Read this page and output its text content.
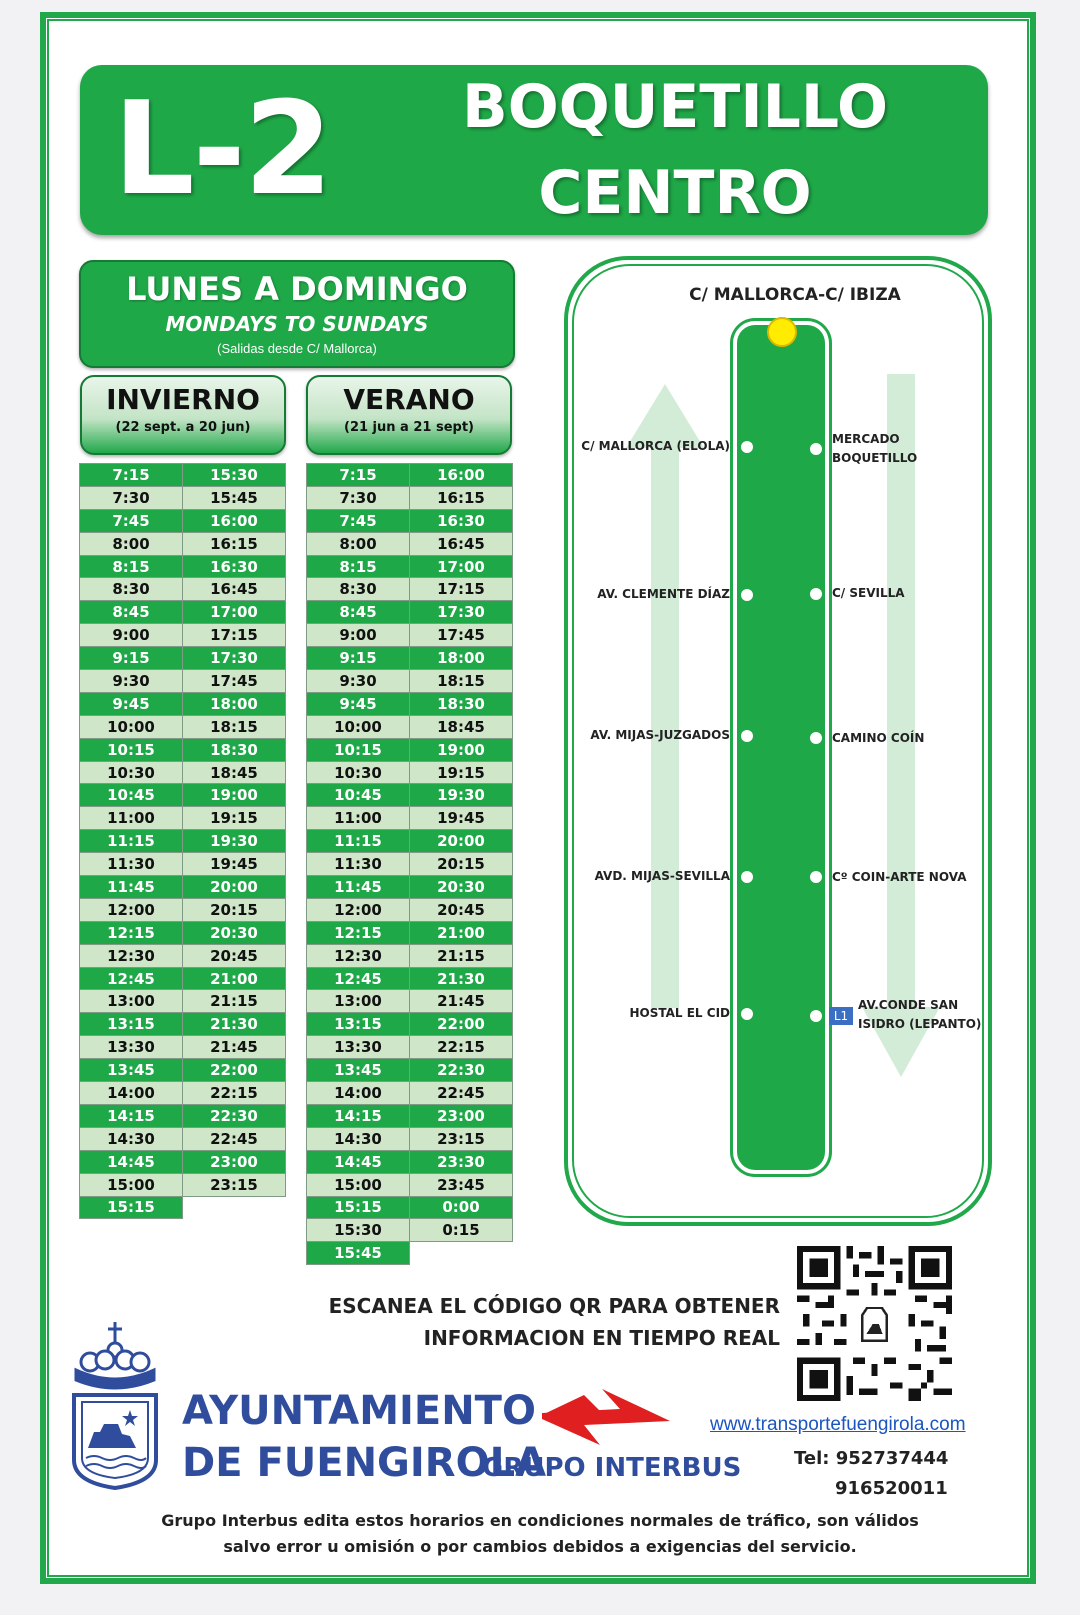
L-2	BOQUETILLO
CENTRO
LUNES A DOMINGO
MONDAYS TO SUNDAYS
(Salidas desde C/ Mallorca)
INVIERNO
(22 sept. a 20 jun)
VERANO
(21 jun a 21 sept)
7:15	15:30
7:30	15:45
7:45	16:00
8:00	16:15
8:15	16:30
8:30	16:45
8:45	17:00
9:00	17:15
9:15	17:30
9:30	17:45
9:45	18:00
10:00	18:15
10:15	18:30
10:30	18:45
10:45	19:00
11:00	19:15
11:15	19:30
11:30	19:45
11:45	20:00
12:00	20:15
12:15	20:30
12:30	20:45
12:45	21:00
13:00	21:15
13:15	21:30
13:30	21:45
13:45	22:00
14:00	22:15
14:15	22:30
14:30	22:45
14:45	23:00
15:00	23:15
15:15	
7:15	16:00
7:30	16:15
7:45	16:30
8:00	16:45
8:15	17:00
8:30	17:15
8:45	17:30
9:00	17:45
9:15	18:00
9:30	18:15
9:45	18:30
10:00	18:45
10:15	19:00
10:30	19:15
10:45	19:30
11:00	19:45
11:15	20:00
11:30	20:15
11:45	20:30
12:00	20:45
12:15	21:00
12:30	21:15
12:45	21:30
13:00	21:45
13:15	22:00
13:30	22:15
13:45	22:30
14:00	22:45
14:15	23:00
14:30	23:15
14:45	23:30
15:00	23:45
15:15	0:00
15:30	0:15
15:45	
C/ MALLORCA-C/ IBIZA
C/ MALLORCA (ELOLA)
AV. CLEMENTE DÍAZ
AV. MIJAS-JUZGADOS
AVD. MIJAS-SEVILLA
HOSTAL EL CID
MERCADO BOQUETILLO
C/ SEVILLA
CAMINO COÍN
Cº COIN-ARTE NOVA
L1
AV.CONDE SAN ISIDRO (LEPANTO)
ESCANEA EL CÓDIGO QR PARA OBTENER
INFORMACION EN TIEMPO REAL
AYUNTAMIENTO
DE FUENGIROLA
GRUPO INTERBUS
www.transportefuengirola.com
Tel: 952737444
916520011
Grupo Interbus edita estos horarios en condiciones normales de tráfico, son válidos
salvo error u omisión o por cambios debidos a exigencias del servicio.
